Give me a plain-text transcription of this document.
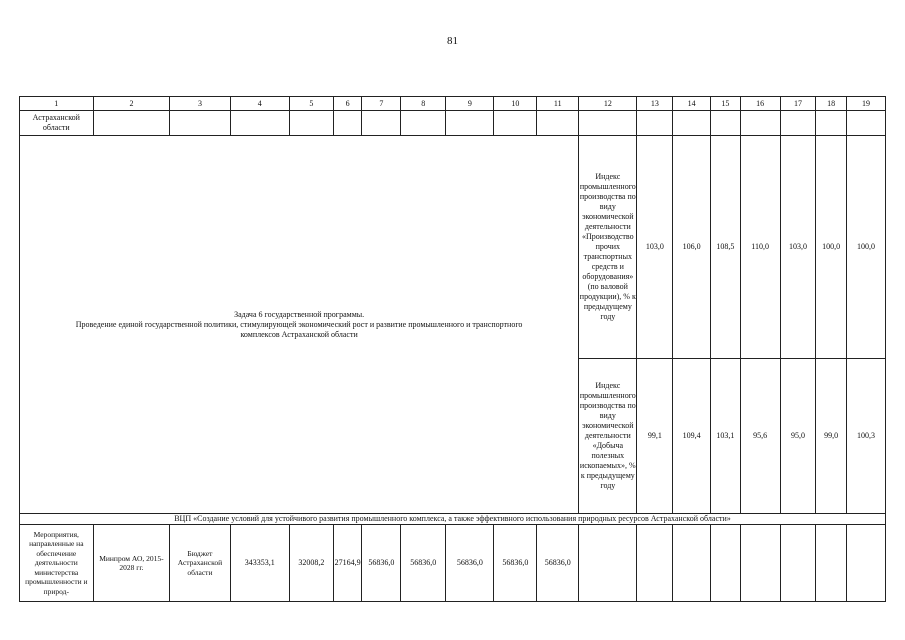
81
1	2	3	4	5	6	7	8	9	10	11	12	13	14	15	16	17	18	19
Астраханской области																		

Задача 6 государственной программы.
Проведение единой государственной политики, стимулирующей экономический рост и развитие промышленного и транспортного комплексов Астраханской области											Индекс промышленного производства по виду экономической деятельности «Производство прочих транспортных средств и оборудования» (по валовой продукции), % к предыдущему году	103,0	106,0	108,5	110,0	103,0	100,0	100,0
											Индекс промышленного производства по виду экономической деятельности «Добыча полезных ископаемых», % к предыдущему году	99,1	109,4	103,1	95,6	95,0	99,0	100,3
ВЦП «Создание условий для устойчивого развития промышленного комплекса, а также эффективного использования природных ресурсов Астраханской области»																		
Мероприятия, направленные на обеспечение деятельности министерства промышленности и природ-	Минпром АО, 2015-2028 гг.	Бюджет Астраханской области	343353,1	32008,2	27164,9	56836,0	56836,0	56836,0	56836,0	56836,0								
